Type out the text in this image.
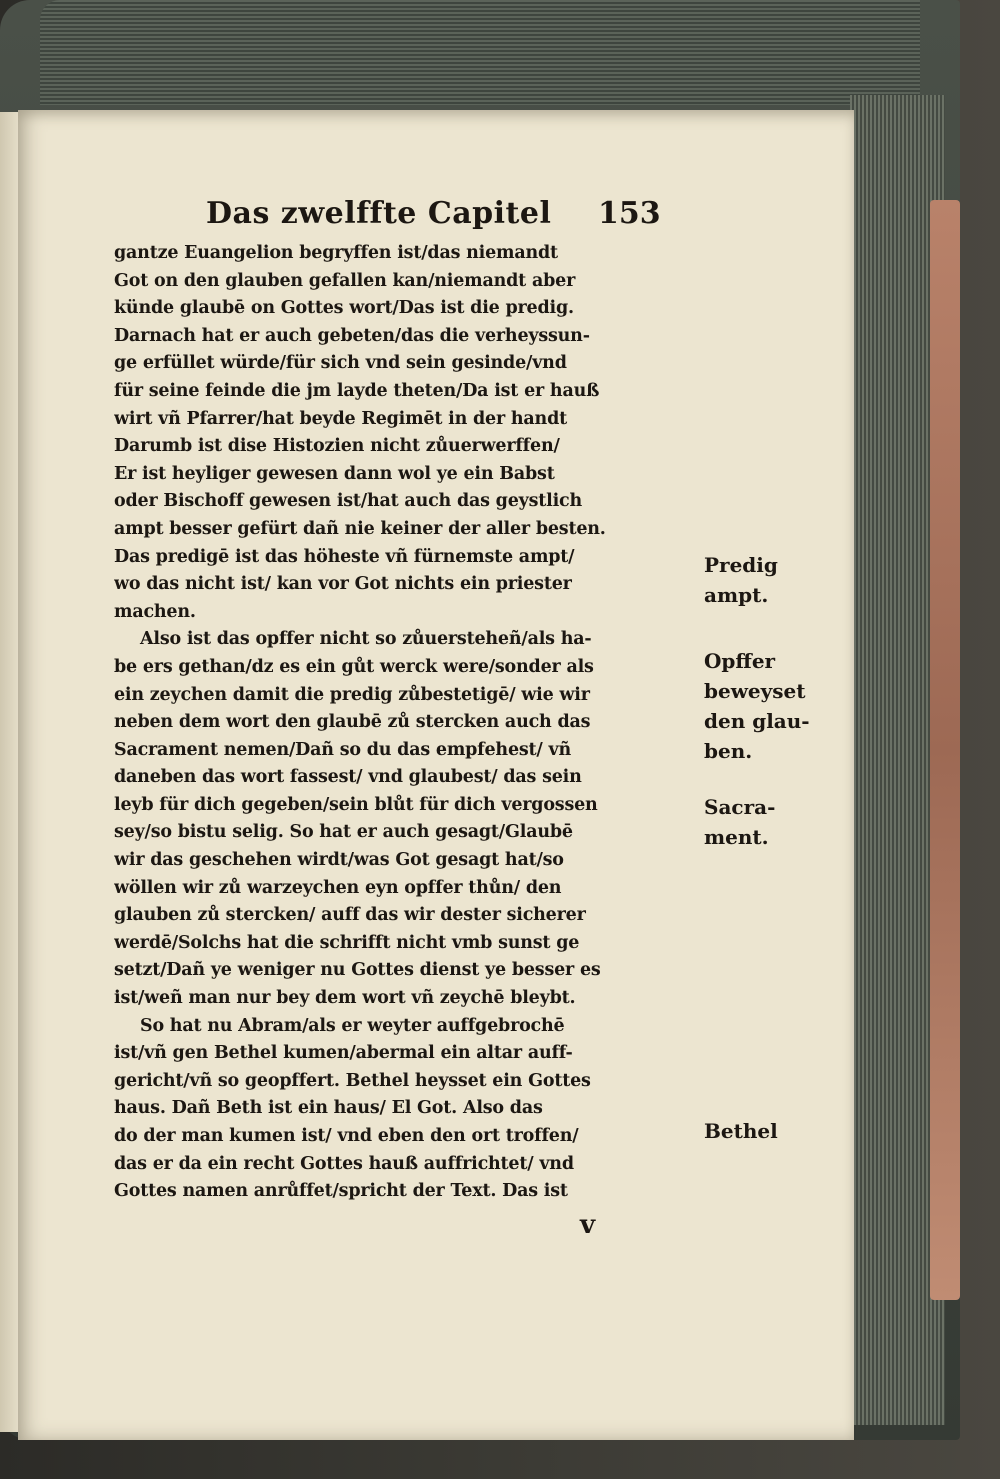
Das zwelffte Capitel 153
gantze Euangelion begryffen ist/das niemandt
Got on den glauben gefallen kan/niemandt aber
künde glaubē on Gottes wort/Das ist die predig.
Darnach hat er auch gebeten/das die verheyssun-
ge erfüllet würde/für sich vnd sein gesinde/vnd
für seine feinde die jm layde theten/Da ist er hauß
wirt vñ Pfarrer/hat beyde Regimēt in der handt
Darumb ist dise Histozien nicht zůuerwerffen/
Er ist heyliger gewesen dann wol ye ein Babst
oder Bischoff gewesen ist/hat auch das geystlich
ampt besser gefürt dañ nie keiner der aller besten.
Das predigē ist das höheste vñ fürnemste ampt/
wo das nicht ist/ kan vor Got nichts ein priester
machen.
Also ist das opffer nicht so zůuersteheñ/als ha-
be ers gethan/dz es ein gůt werck were/sonder als
ein zeychen damit die predig zůbestetigē/ wie wir
neben dem wort den glaubē zů stercken auch das
Sacrament nemen/Dañ so du das empfehest/ vñ
daneben das wort fassest/ vnd glaubest/ das sein
leyb für dich gegeben/sein blůt für dich vergossen
sey/so bistu selig. So hat er auch gesagt/Glaubē
wir das geschehen wirdt/was Got gesagt hat/so
wöllen wir zů warzeychen eyn opffer thůn/ den
glauben zů stercken/ auff das wir dester sicherer
werdē/Solchs hat die schrifft nicht vmb sunst ge
setzt/Dañ ye weniger nu Gottes dienst ye besser es
ist/weñ man nur bey dem wort vñ zeychē bleybt.
So hat nu Abram/als er weyter auffgebrochē
ist/vñ gen Bethel kumen/abermal ein altar auff-
gericht/vñ so geopffert. Bethel heysset ein Gottes
haus. Dañ Beth ist ein haus/ El Got. Also das
do der man kumen ist/ vnd eben den ort troffen/
das er da ein recht Gottes hauß auffrichtet/ vnd
Gottes namen anrůffet/spricht der Text. Das ist
Predig
ampt.
Opffer
beweyset
den glau-
ben.
Sacra-
ment.
Bethel
v
